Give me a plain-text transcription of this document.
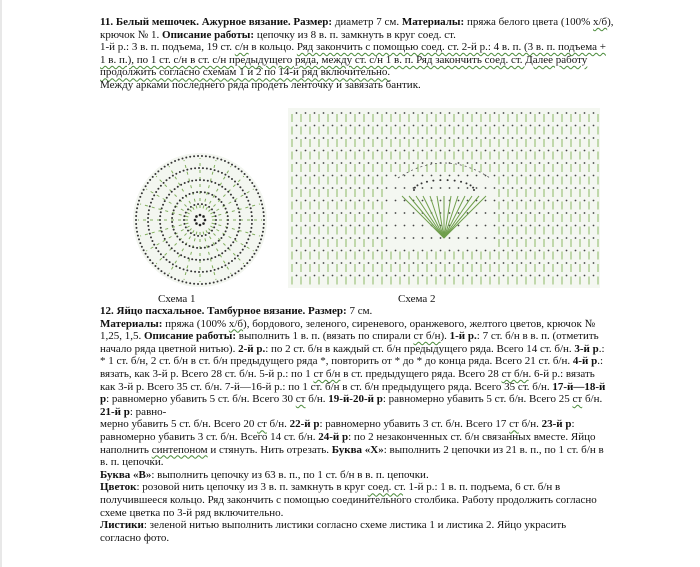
11. Белый мешочек. Ажурное вязание. Размер: диаметр 7 см. Материалы: пряжа белого цвета (100% х/б),

крючок № 1. Описание работы: цепочку из 8 в. п. замкнуть в круг соед. ст.

1-й р.: 3 в. п. подъема, 19 ст. с/н в кольцо. Ряд закончить с помощью соед. ст. 2-й р.: 4 в. п. (3 в. п. подъема +

1 в. п.), по 1 ст. с/н в ст. с/н предыдущего ряда, между ст. с/н 1 в. п. Ряд закончить соед. ст. Далее работу

продолжить согласно схемам 1 и 2 по 14-й ряд включительно.

Между арками последнего ряда продеть ленточку и завязать бантик.

Схема 1	Схема 2

12. Яйцо пасхальное. Тамбурное вязание. Размер: 7 см.

Материалы: пряжа (100% х/б), бордового, зеленого, сиреневого, оранжевого, желтого цветов, крючок №

1,25, 1,5. Описание работы: выполнить 1 в. п. (вязать по спирали ст б/н). 1-й р.: 7 ст. б/н в в. п. (отметить

начало ряда цветной нитью). 2-й р.: по 2 ст. б/н в каждый ст. б/н предыдущего ряда. Всего 14 ст. б/н. 3-й р.:

* 1 ст. б/н, 2 ст. б/н в ст. б/н предыдущего ряда *, повторить от * до * до конца ряда. Всего 21 ст. б/н. 4-й р.:

вязать, как 3-й р. Всего 28 ст. б/н. 5-й р.: по 1 ст б/н в ст. предыдущего ряда. Всего 28 ст б/н. 6-й р.: вязать

как 3-й р. Всего 35 ст. б/н. 7-й—16-й р.: по 1 ст. б/н в ст. б/н предыдущего ряда. Всего 35 ст. б/н. 17-й—18-й

р: равномерно убавить 5 ст. б/н. Всего 30 ст б/н. 19-й-20-й р: равномерно убавить 5 ст. б/н. Всего 25 ст б/н.

21-й р: равно-

мерно убавить 5 ст. б/н. Всего 20 ст б/н. 22-й р: равномерно убавить 3 ст. б/н. Всего 17 ст б/н. 23-й р:

равномерно убавить 3 ст. б/н. Всего 14 ст. б/н. 24-й р: по 2 незаконченных ст. б/н связанных вместе. Яйцо

наполнить синтепоном и стянуть. Нить отрезать. Буква «Х»: выполнить 2 цепочки из 21 в. п., по 1 ст. б/н в

в. п. цепочки.

Буква «В»: выполнить цепочку из 63 в. п., по 1 ст. б/н в в. п. цепочки.

Цветок: розовой нить цепочку из 3 в. п. замкнуть в круг соед. ст. 1-й р.: 1 в. п. подъема, 6 ст. б/н в

получившееся кольцо. Ряд закончить с помощью соединительного столбика. Работу продолжить согласно

схеме цветка по 3-й ряд включительно.

Листики: зеленой нитью выполнить листики согласно схеме листика 1 и листика 2. Яйцо украсить

согласно фото.
